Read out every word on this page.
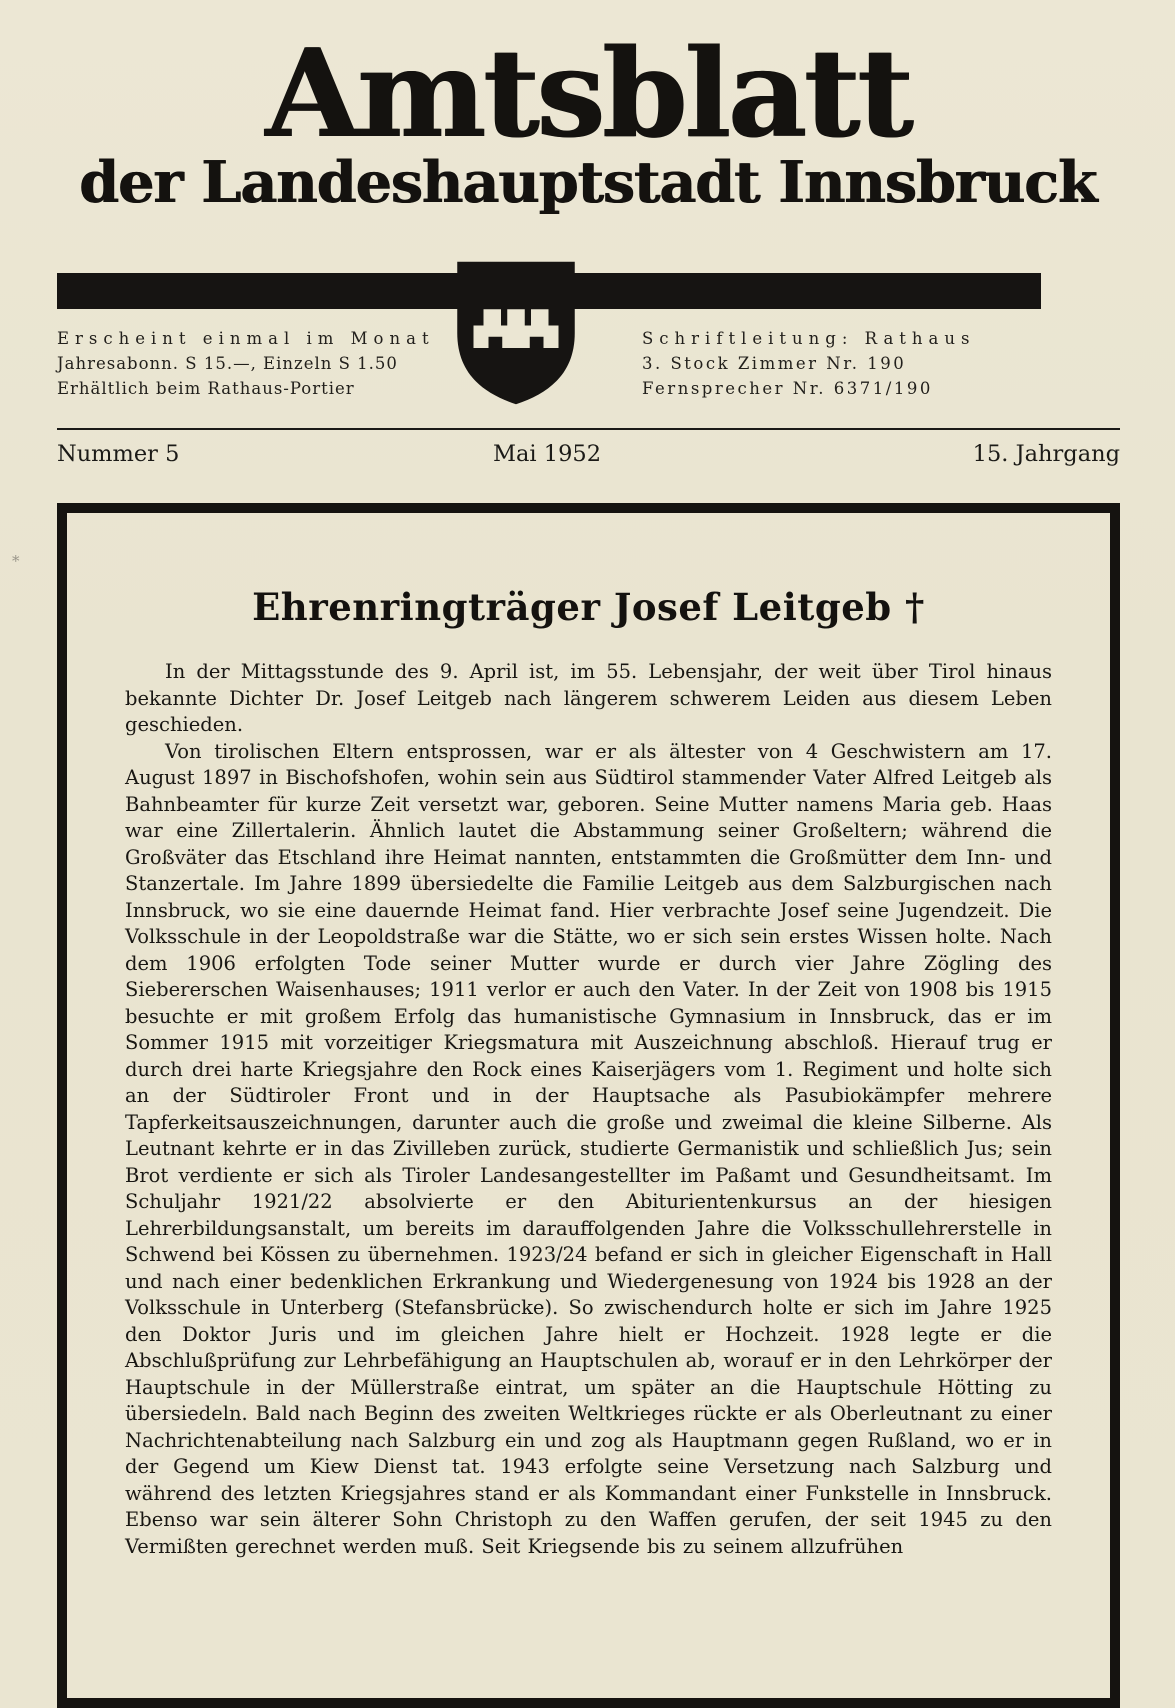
Amtsblatt
der Landeshauptstadt Innsbruck
Erscheint einmal im Monat
Jahresabonn. S 15.—, Einzeln S 1.50
Erhältlich beim Rathaus-Portier
Schriftleitung: Rathaus
3. Stock Zimmer Nr. 190
Fernsprecher Nr. 6371/190
Nummer 5	Mai 1952	15. Jahrgang
*
Ehrenringträger Josef Leitgeb †

In der Mittagsstunde des 9. April ist, im 55. Lebensjahr, der weit über Tirol hinaus bekannte Dichter Dr. Josef Leitgeb nach längerem schwerem Leiden aus diesem Leben geschieden.

Von tirolischen Eltern entsprossen, war er als ältester von 4 Geschwistern am 17. August 1897 in Bischofshofen, wohin sein aus Südtirol stammender Vater Alfred Leitgeb als Bahnbeamter für kurze Zeit versetzt war, geboren. Seine Mutter namens Maria geb. Haas war eine Zillertalerin. Ähnlich lautet die Abstammung seiner Großeltern; während die Großväter das Etschland ihre Heimat nannten, entstammten die Großmütter dem Inn- und Stanzertale. Im Jahre 1899 übersiedelte die Familie Leitgeb aus dem Salzburgischen nach Innsbruck, wo sie eine dauernde Heimat fand. Hier verbrachte Josef seine Jugendzeit. Die Volksschule in der Leopoldstraße war die Stätte, wo er sich sein erstes Wissen holte. Nach dem 1906 erfolgten Tode seiner Mutter wurde er durch vier Jahre Zögling des Siebererschen Waisenhauses; 1911 verlor er auch den Vater. In der Zeit von 1908 bis 1915 besuchte er mit großem Erfolg das humanistische Gymnasium in Innsbruck, das er im Sommer 1915 mit vorzeitiger Kriegsmatura mit Auszeichnung abschloß. Hierauf trug er durch drei harte Kriegsjahre den Rock eines Kaiserjägers vom 1. Regiment und holte sich an der Südtiroler Front und in der Hauptsache als Pasubiokämpfer mehrere Tapferkeitsauszeichnungen, darunter auch die große und zweimal die kleine Silberne. Als Leutnant kehrte er in das Zivilleben zurück, studierte Germanistik und schließlich Jus; sein Brot verdiente er sich als Tiroler Landesangestellter im Paßamt und Gesundheitsamt. Im Schuljahr 1921/22 absolvierte er den Abiturientenkursus an der hiesigen Lehrerbildungsanstalt, um bereits im darauffolgenden Jahre die Volksschullehrerstelle in Schwend bei Kössen zu übernehmen. 1923/24 befand er sich in gleicher Eigenschaft in Hall und nach einer bedenklichen Erkrankung und Wiedergenesung von 1924 bis 1928 an der Volksschule in Unterberg (Stefansbrücke). So zwischendurch holte er sich im Jahre 1925 den Doktor Juris und im gleichen Jahre hielt er Hochzeit. 1928 legte er die Abschlußprüfung zur Lehrbefähigung an Hauptschulen ab, worauf er in den Lehrkörper der Hauptschule in der Müllerstraße eintrat, um später an die Hauptschule Hötting zu übersiedeln. Bald nach Beginn des zweiten Weltkrieges rückte er als Oberleutnant zu einer Nachrichtenabteilung nach Salzburg ein und zog als Hauptmann gegen Rußland, wo er in der Gegend um Kiew Dienst tat. 1943 erfolgte seine Versetzung nach Salzburg und während des letzten Kriegsjahres stand er als Kommandant einer Funkstelle in Innsbruck. Ebenso war sein älterer Sohn Christoph zu den Waffen gerufen, der seit 1945 zu den Vermißten gerechnet werden muß. Seit Kriegsende bis zu seinem allzufrühen
